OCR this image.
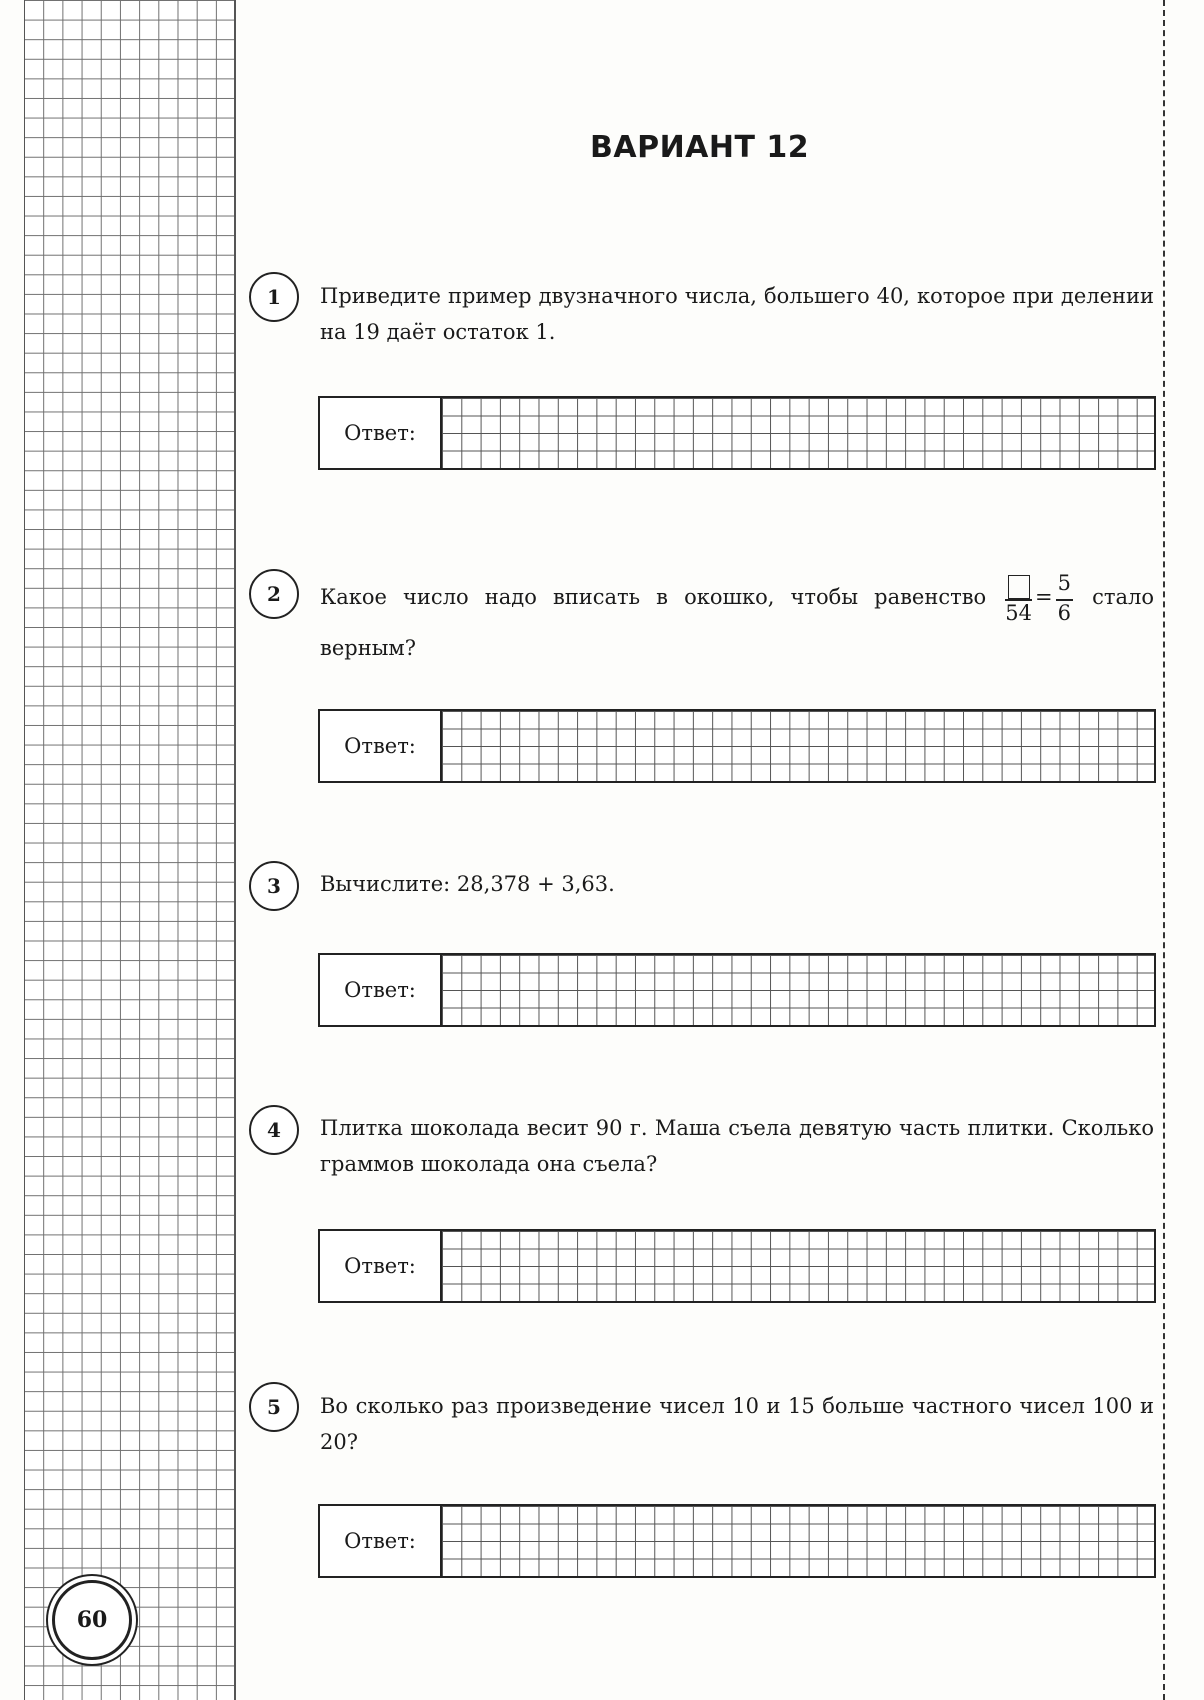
ВАРИАНТ 12
1	Приведите пример двузначного числа, большего 40, которое при делении на 19 даёт остаток 1.
Ответ:
2	Какое число надо вписать в окошко, чтобы равенство
54
= $\frac{5}{6}$ стало верным?
Ответ:
3	Вычислите: 28,378 + 3,63.
Ответ:
4	Плитка шоколада весит 90 г. Маша съела девятую часть плитки. Сколько граммов шоколада она съела?
Ответ:
5	Во сколько раз произведение чисел 10 и 15 больше частного чисел 100 и 20?
Ответ:
60
